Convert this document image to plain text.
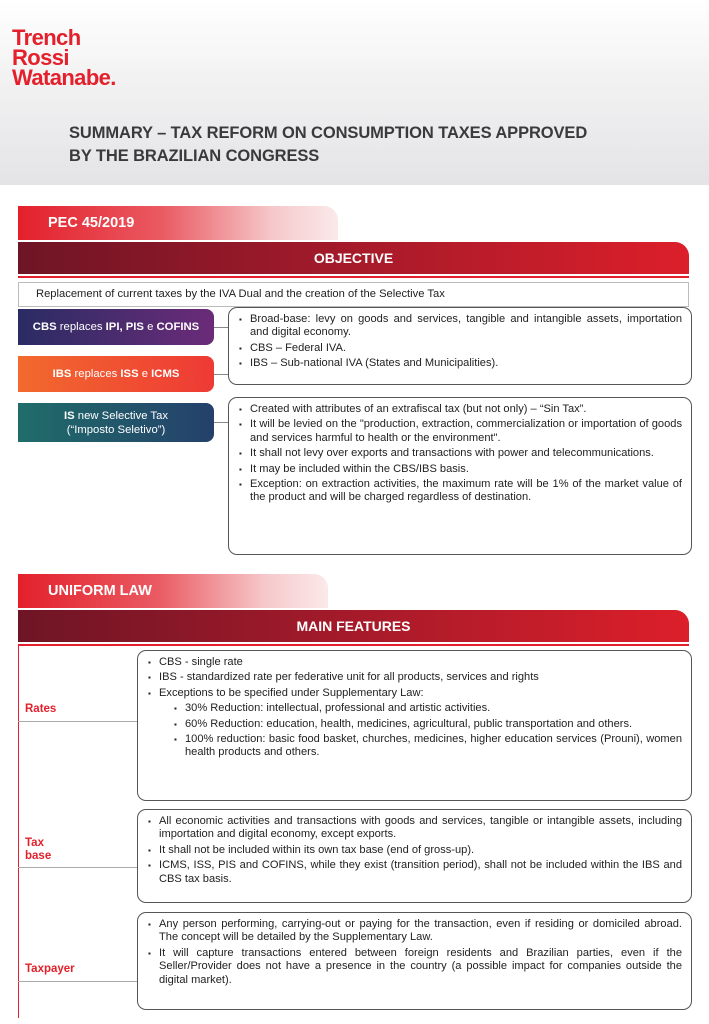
Trench
Rossi
Watanabe.
SUMMARY – TAX REFORM ON CONSUMPTION TAXES APPROVED
BY THE BRAZILIAN CONGRESS
PEC 45/2019
OBJECTIVE
Replacement of current taxes by the IVA Dual and the creation of the Selective Tax
CBS replaces IPI, PIS e COFINS
IBS replaces ISS e ICMS
IS new Selective Tax
(“Imposto Seletivo”)
▪ Broad-base: levy on goods and services, tangible and intangible assets, importation and digital economy.
▪ CBS – Federal IVA.
▪ IBS – Sub-national IVA (States and Municipalities).
▪ Created with attributes of an extrafiscal tax (but not only) – “Sin Tax”.
▪ It will be levied on the "production, extraction, commercialization or importation of goods and services harmful to health or the environment".
▪ It shall not levy over exports and transactions with power and telecommunications.
▪ It may be included within the CBS/IBS basis.
▪ Exception: on extraction activities, the maximum rate will be 1% of the market value of the product and will be charged regardless of destination.
UNIFORM LAW
MAIN FEATURES
Rates
▪ CBS - single rate
▪ IBS - standardized rate per federative unit for all products, services and rights
▪ Exceptions to be specified under Supplementary Law:
▪ 30% Reduction: intellectual, professional and artistic activities.
▪ 60% Reduction: education, health, medicines, agricultural, public transportation and others.
▪ 100% reduction: basic food basket, churches, medicines, higher education services (Prouni), women health products and others.
Tax
base
▪ All economic activities and transactions with goods and services, tangible or intangible assets, including importation and digital economy, except exports.
▪ It shall not be included within its own tax base (end of gross-up).
▪ ICMS, ISS, PIS and COFINS, while they exist (transition period), shall not be included within the IBS and CBS tax basis.
Taxpayer
▪ Any person performing, carrying-out or paying for the transaction, even if residing or domiciled abroad. The concept will be detailed by the Supplementary Law.
▪ It will capture transactions entered between foreign residents and Brazilian parties, even if the Seller/Provider does not have a presence in the country (a possible impact for companies outside the digital market).
